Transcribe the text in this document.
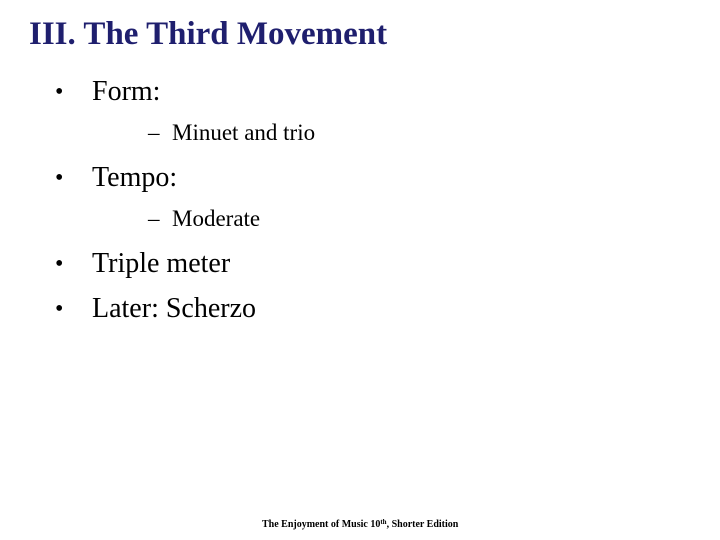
III. The Third Movement
•	Form:
– Minuet and trio
•	Tempo:
– Moderate
•	Triple meter
•	Later: Scherzo
The Enjoyment of Music 10th, Shorter Edition
